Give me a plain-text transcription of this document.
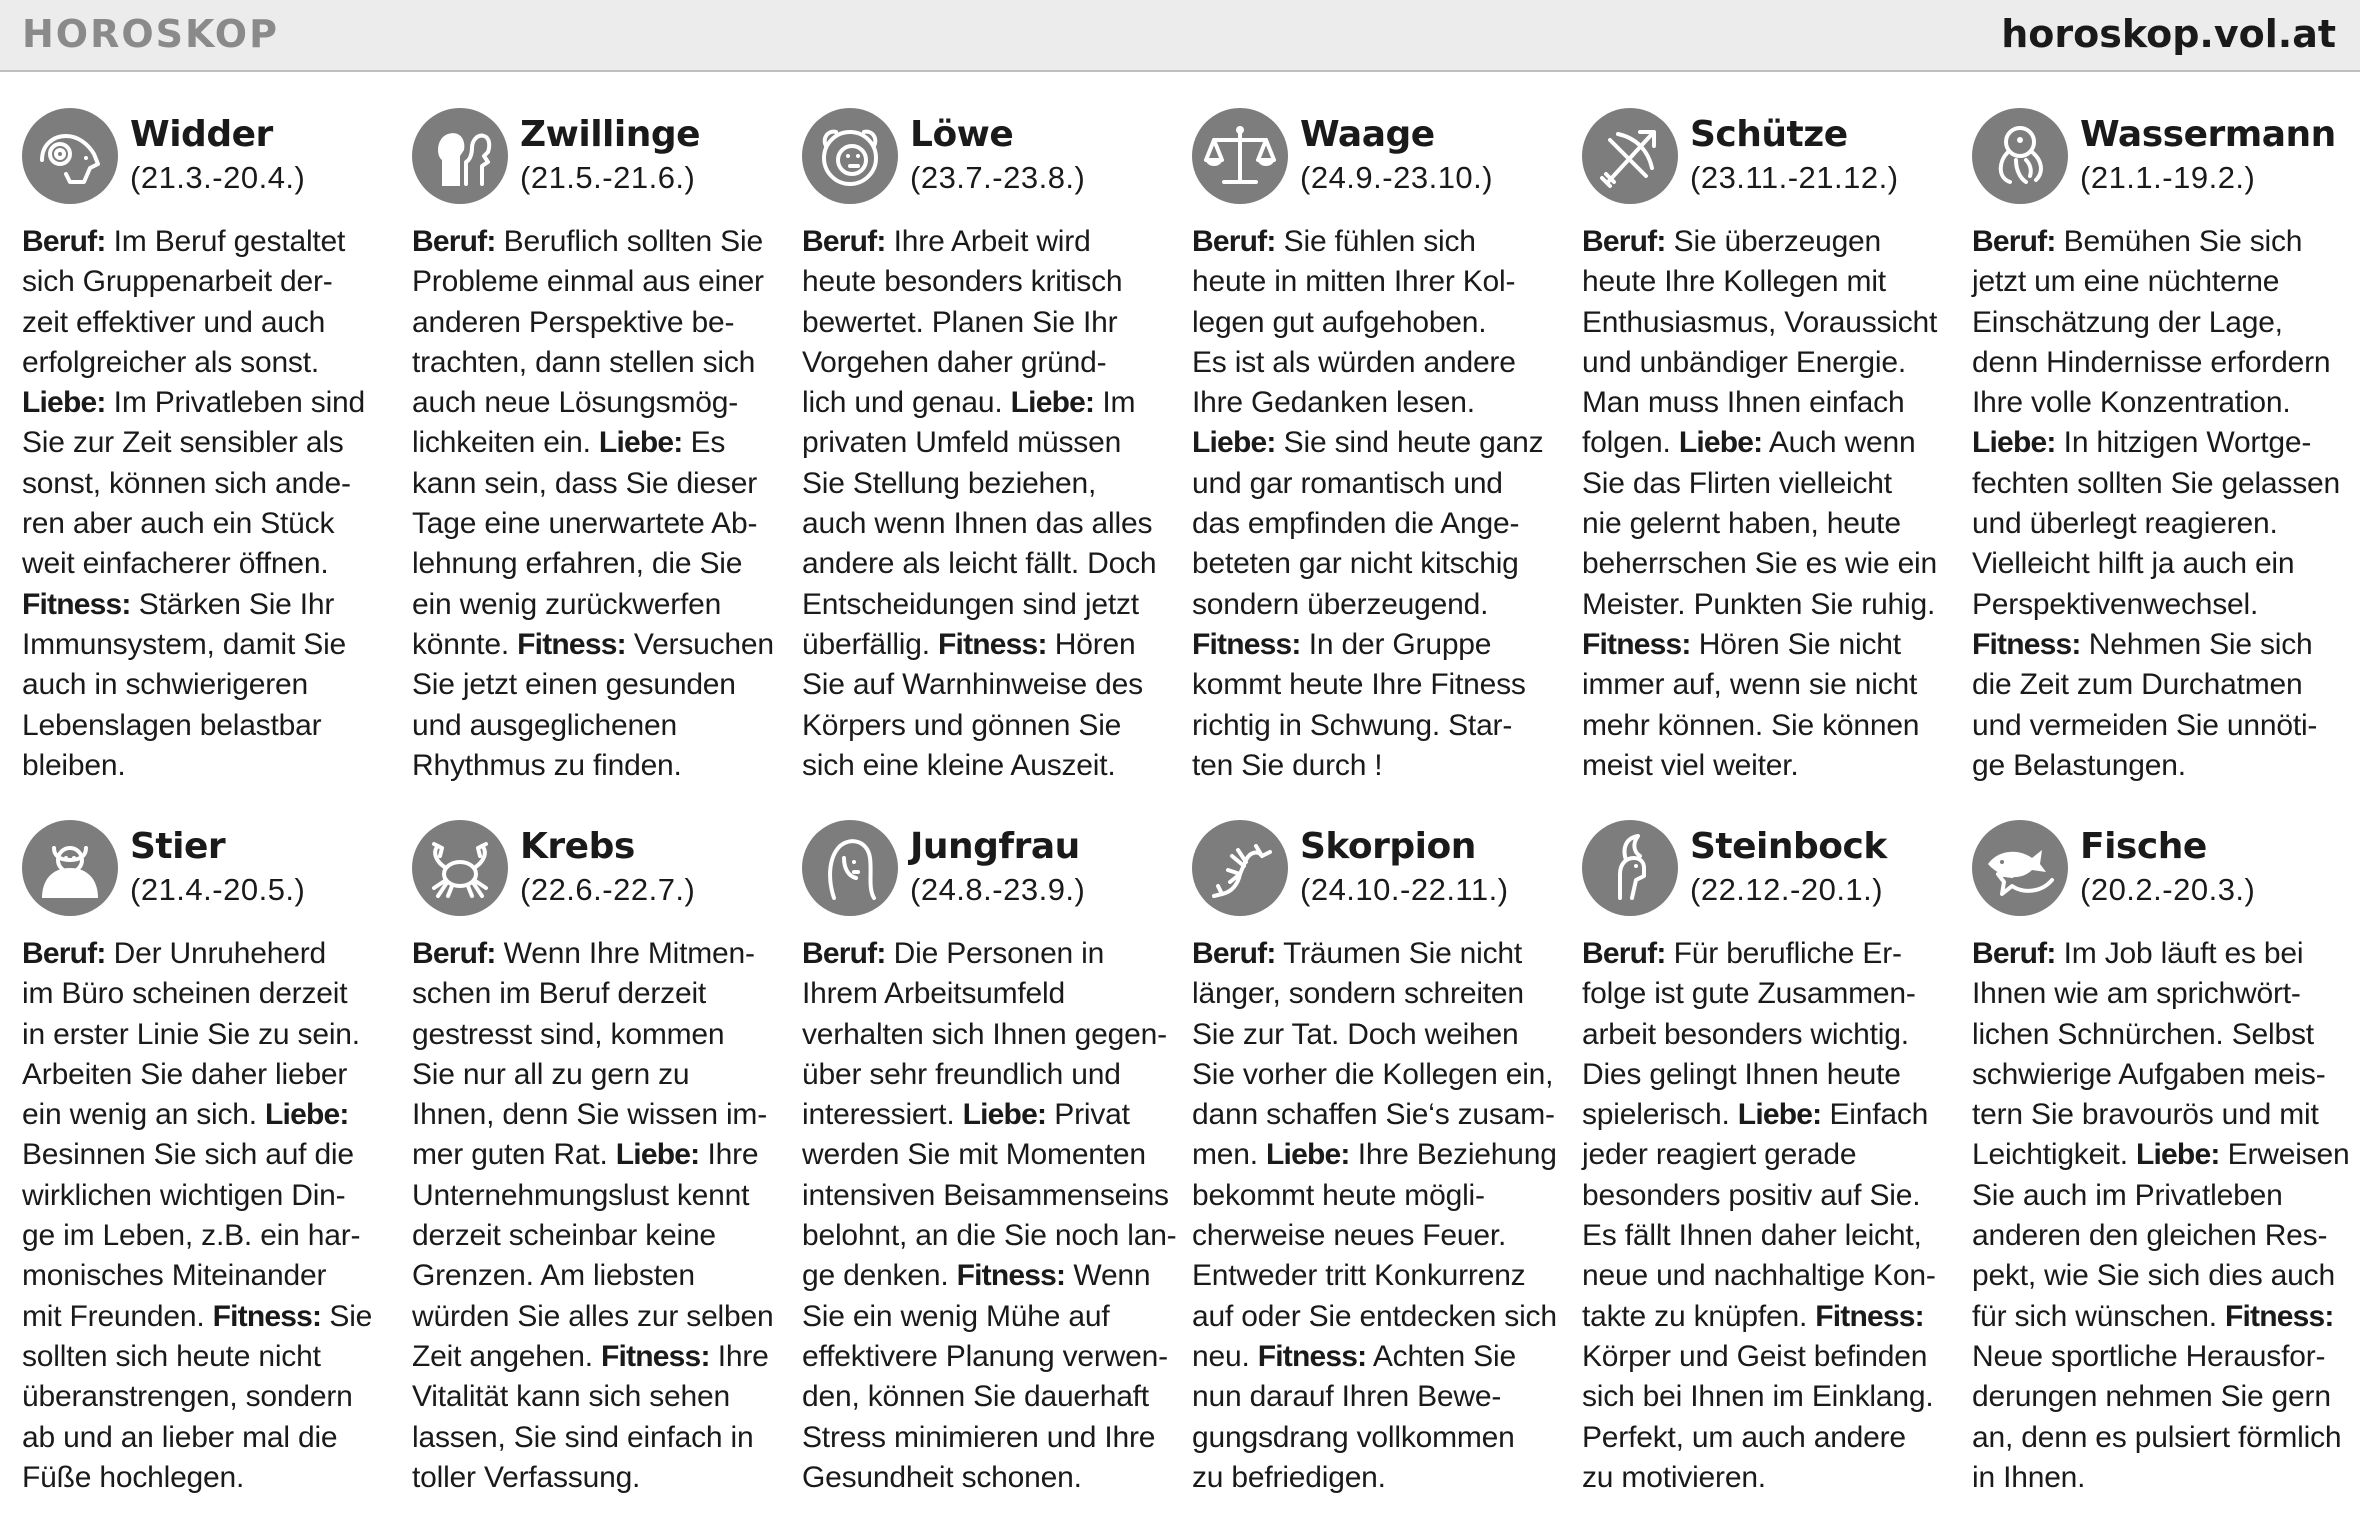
HOROSKOP	horoskop.vol.at
Widder
(21.3.-20.4.)
Beruf: Im Beruf gestaltet
sich Gruppenarbeit der-
zeit effektiver und auch
erfolgreicher als sonst.
Liebe: Im Privatleben sind
Sie zur Zeit sensibler als
sonst, können sich ande-
ren aber auch ein Stück
weit einfacherer öffnen.
Fitness: Stärken Sie Ihr
Immunsystem, damit Sie
auch in schwierigeren
Lebenslagen belastbar
bleiben.
Zwillinge
(21.5.-21.6.)
Beruf: Beruflich sollten Sie
Probleme einmal aus einer
anderen Perspektive be-
trachten, dann stellen sich
auch neue Lösungsmög-
lichkeiten ein. Liebe: Es
kann sein, dass Sie dieser
Tage eine unerwartete Ab-
lehnung erfahren, die Sie
ein wenig zurückwerfen
könnte. Fitness: Versuchen
Sie jetzt einen gesunden
und ausgeglichenen
Rhythmus zu finden.
Löwe
(23.7.-23.8.)
Beruf: Ihre Arbeit wird
heute besonders kritisch
bewertet. Planen Sie Ihr
Vorgehen daher gründ-
lich und genau. Liebe: Im
privaten Umfeld müssen
Sie Stellung beziehen,
auch wenn Ihnen das alles
andere als leicht fällt. Doch
Entscheidungen sind jetzt
überfällig. Fitness: Hören
Sie auf Warnhinweise des
Körpers und gönnen Sie
sich eine kleine Auszeit.
Waage
(24.9.-23.10.)
Beruf: Sie fühlen sich
heute in mitten Ihrer Kol-
legen gut aufgehoben.
Es ist als würden andere
Ihre Gedanken lesen.
Liebe: Sie sind heute ganz
und gar romantisch und
das empfinden die Ange-
beteten gar nicht kitschig
sondern überzeugend.
Fitness: In der Gruppe
kommt heute Ihre Fitness
richtig in Schwung. Star-
ten Sie durch !
Schütze
(23.11.-21.12.)
Beruf: Sie überzeugen
heute Ihre Kollegen mit
Enthusiasmus, Voraussicht
und unbändiger Energie.
Man muss Ihnen einfach
folgen. Liebe: Auch wenn
Sie das Flirten vielleicht
nie gelernt haben, heute
beherrschen Sie es wie ein
Meister. Punkten Sie ruhig.
Fitness: Hören Sie nicht
immer auf, wenn sie nicht
mehr können. Sie können
meist viel weiter.
Wassermann
(21.1.-19.2.)
Beruf: Bemühen Sie sich
jetzt um eine nüchterne
Einschätzung der Lage,
denn Hindernisse erfordern
Ihre volle Konzentration.
Liebe: In hitzigen Wortge-
fechten sollten Sie gelassen
und überlegt reagieren.
Vielleicht hilft ja auch ein
Perspektivenwechsel.
Fitness: Nehmen Sie sich
die Zeit zum Durchatmen
und vermeiden Sie unnöti-
ge Belastungen.
Stier
(21.4.-20.5.)
Beruf: Der Unruheherd
im Büro scheinen derzeit
in erster Linie Sie zu sein.
Arbeiten Sie daher lieber
ein wenig an sich. Liebe:
Besinnen Sie sich auf die
wirklichen wichtigen Din-
ge im Leben, z.B. ein har-
monisches Miteinander
mit Freunden. Fitness: Sie
sollten sich heute nicht
überanstrengen, sondern
ab und an lieber mal die
Füße hochlegen.
Krebs
(22.6.-22.7.)
Beruf: Wenn Ihre Mitmen-
schen im Beruf derzeit
gestresst sind, kommen
Sie nur all zu gern zu
Ihnen, denn Sie wissen im-
mer guten Rat. Liebe: Ihre
Unternehmungslust kennt
derzeit scheinbar keine
Grenzen. Am liebsten
würden Sie alles zur selben
Zeit angehen. Fitness: Ihre
Vitalität kann sich sehen
lassen, Sie sind einfach in
toller Verfassung.
Jungfrau
(24.8.-23.9.)
Beruf: Die Personen in
Ihrem Arbeitsumfeld
verhalten sich Ihnen gegen-
über sehr freundlich und
interessiert. Liebe: Privat
werden Sie mit Momenten
intensiven Beisammenseins
belohnt, an die Sie noch lan-
ge denken. Fitness: Wenn
Sie ein wenig Mühe auf
effektivere Planung verwen-
den, können Sie dauerhaft
Stress minimieren und Ihre
Gesundheit schonen.
Skorpion
(24.10.-22.11.)
Beruf: Träumen Sie nicht
länger, sondern schreiten
Sie zur Tat. Doch weihen
Sie vorher die Kollegen ein,
dann schaffen Sie‘s zusam-
men. Liebe: Ihre Beziehung
bekommt heute mögli-
cherweise neues Feuer.
Entweder tritt Konkurrenz
auf oder Sie entdecken sich
neu. Fitness: Achten Sie
nun darauf Ihren Bewe-
gungsdrang vollkommen
zu befriedigen.
Steinbock
(22.12.-20.1.)
Beruf: Für berufliche Er-
folge ist gute Zusammen-
arbeit besonders wichtig.
Dies gelingt Ihnen heute
spielerisch. Liebe: Einfach
jeder reagiert gerade
besonders positiv auf Sie.
Es fällt Ihnen daher leicht,
neue und nachhaltige Kon-
takte zu knüpfen. Fitness:
Körper und Geist befinden
sich bei Ihnen im Einklang.
Perfekt, um auch andere
zu motivieren.
Fische
(20.2.-20.3.)
Beruf: Im Job läuft es bei
Ihnen wie am sprichwört-
lichen Schnürchen. Selbst
schwierige Aufgaben meis-
tern Sie bravourös und mit
Leichtigkeit. Liebe: Erweisen
Sie auch im Privatleben
anderen den gleichen Res-
pekt, wie Sie sich dies auch
für sich wünschen. Fitness:
Neue sportliche Herausfor-
derungen nehmen Sie gern
an, denn es pulsiert förmlich
in Ihnen.
